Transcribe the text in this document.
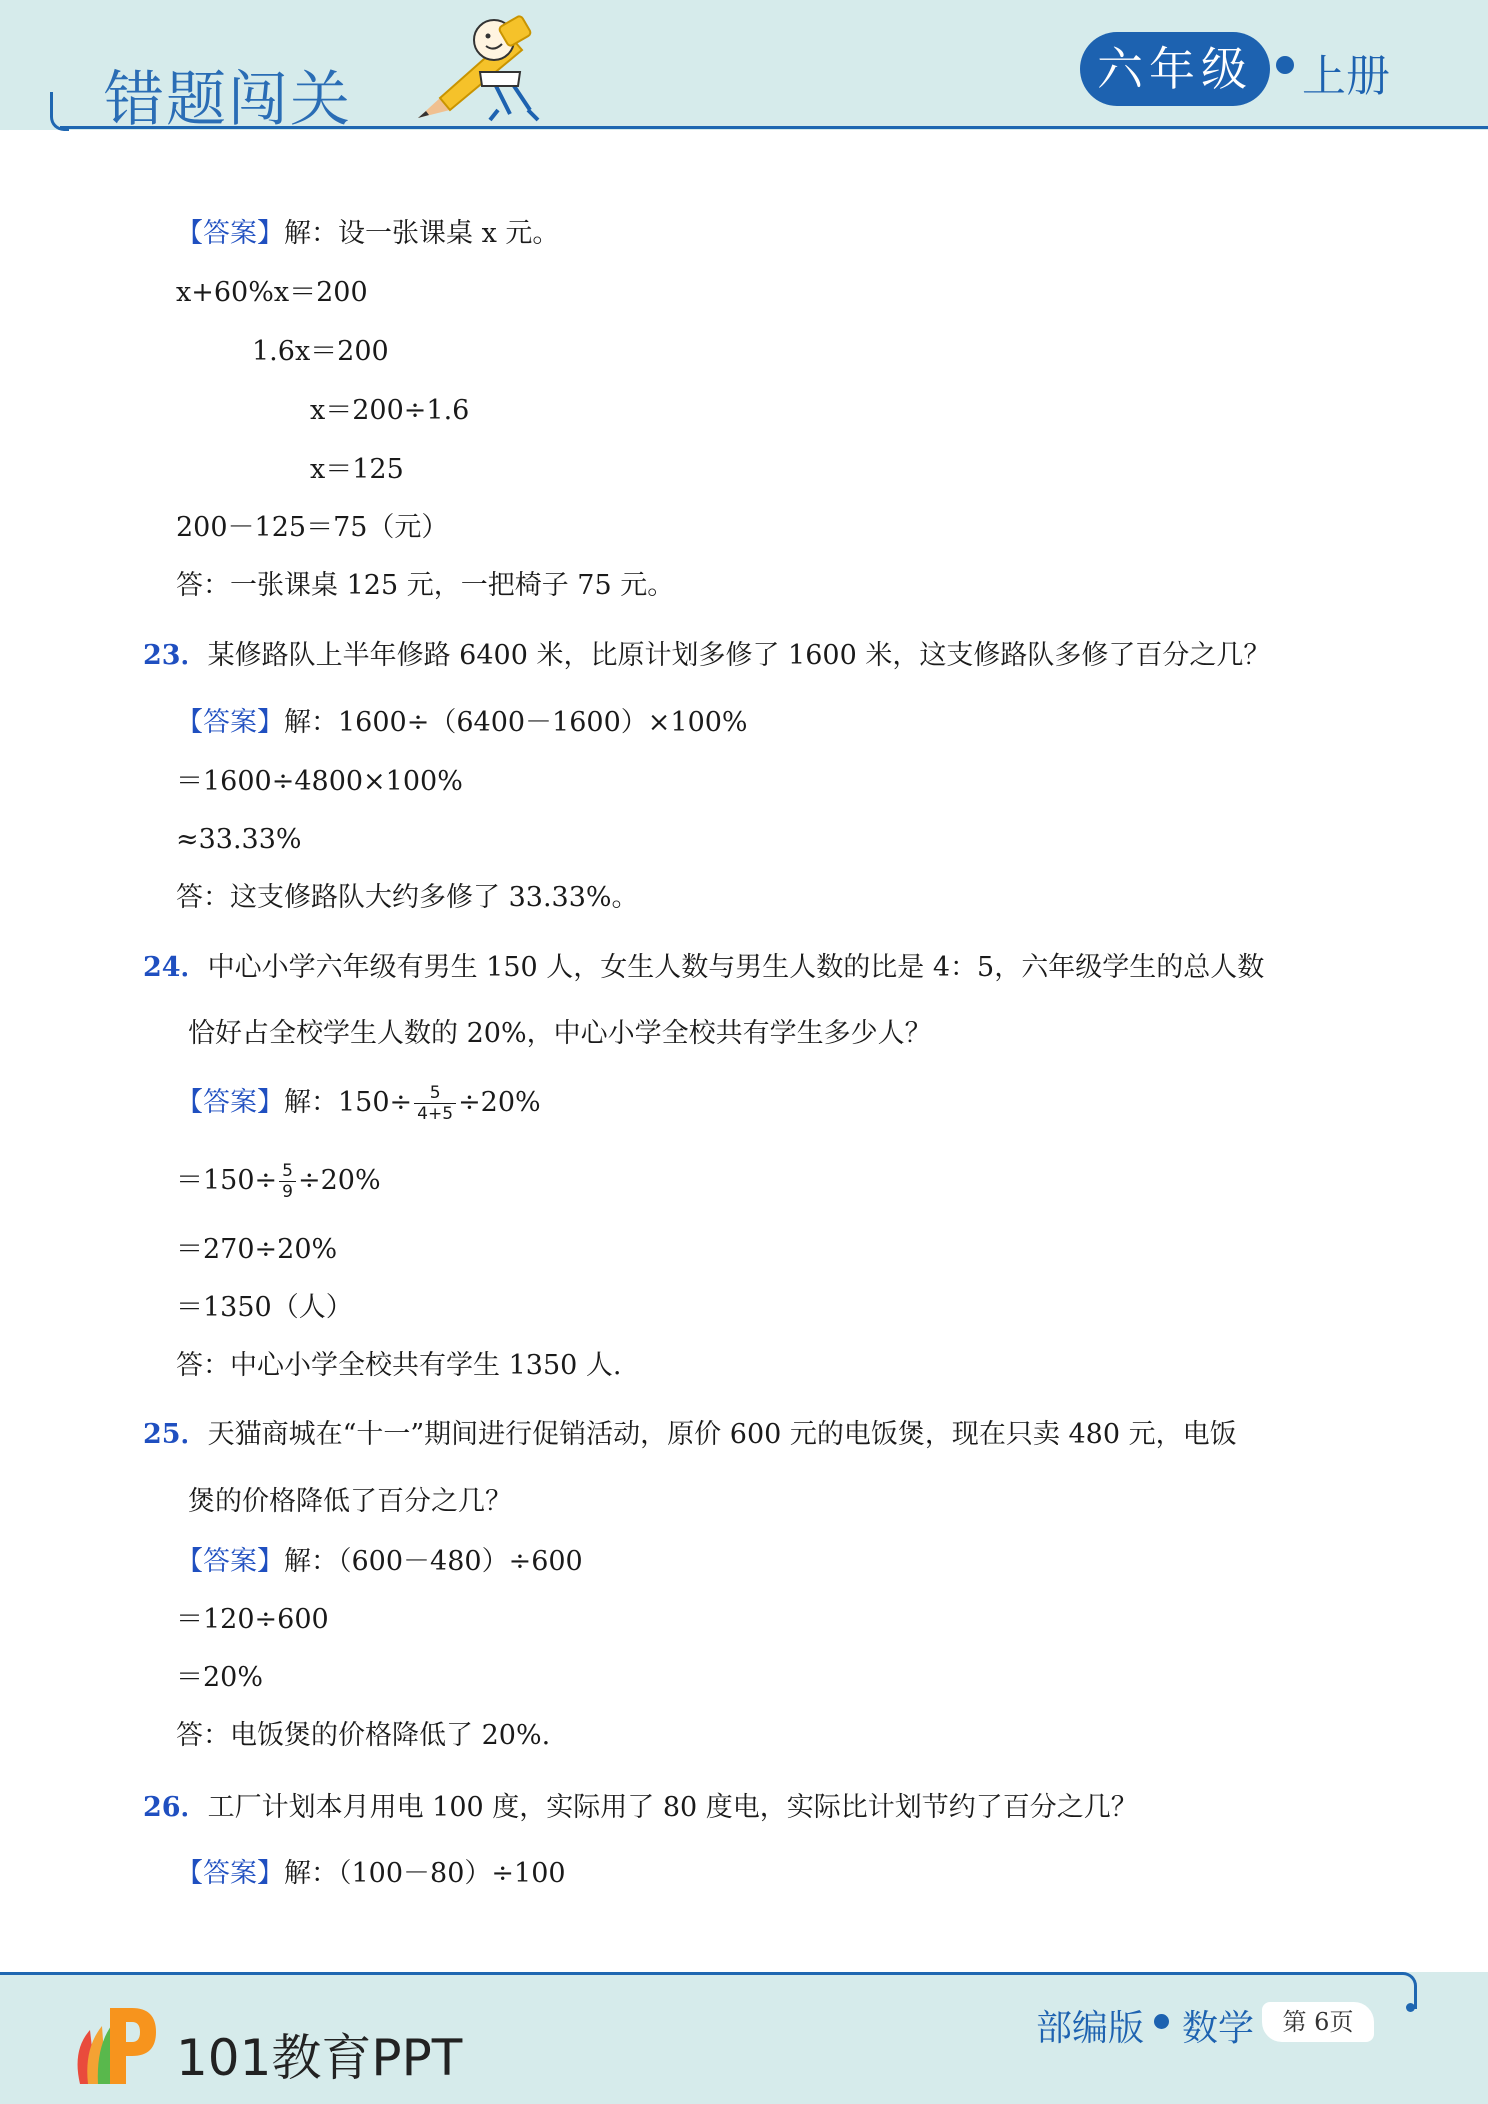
错题闯关	六年级	上册
【答案】解：设一张课桌 x 元。
x+60%x＝200
1.6x＝200
x＝200÷1.6
x＝125
200－125＝75（元）
答：一张课桌 125 元，一把椅子 75 元。
23．某修路队上半年修路 6400 米，比原计划多修了 1600 米，这支修路队多修了百分之几？
【答案】解：1600÷（6400－1600）×100%
＝1600÷4800×100%
≈33.33%
答：这支修路队大约多修了 33.33%。
24．中心小学六年级有男生 150 人，女生人数与男生人数的比是 4：5，六年级学生的总人数
恰好占全校学生人数的 20%，中心小学全校共有学生多少人？
【答案】解：$150\div \frac{5}{4+5} \div 20\%$
$=150\div \frac{5}{9} \div 20\%$
＝270÷20%
＝1350（人）
答：中心小学全校共有学生 1350 人.
25．天猫商城在“十一”期间进行促销活动，原价 600 元的电饭煲，现在只卖 480 元，电饭
煲的价格降低了百分之几？
【答案】解：（600－480）÷600
＝120÷600
＝20%
答：电饭煲的价格降低了 20%.
26．工厂计划本月用电 100 度，实际用了 80 度电，实际比计划节约了百分之几？
【答案】解：（100－80）÷100
101教育PPT
部编版 数学	第 6页
